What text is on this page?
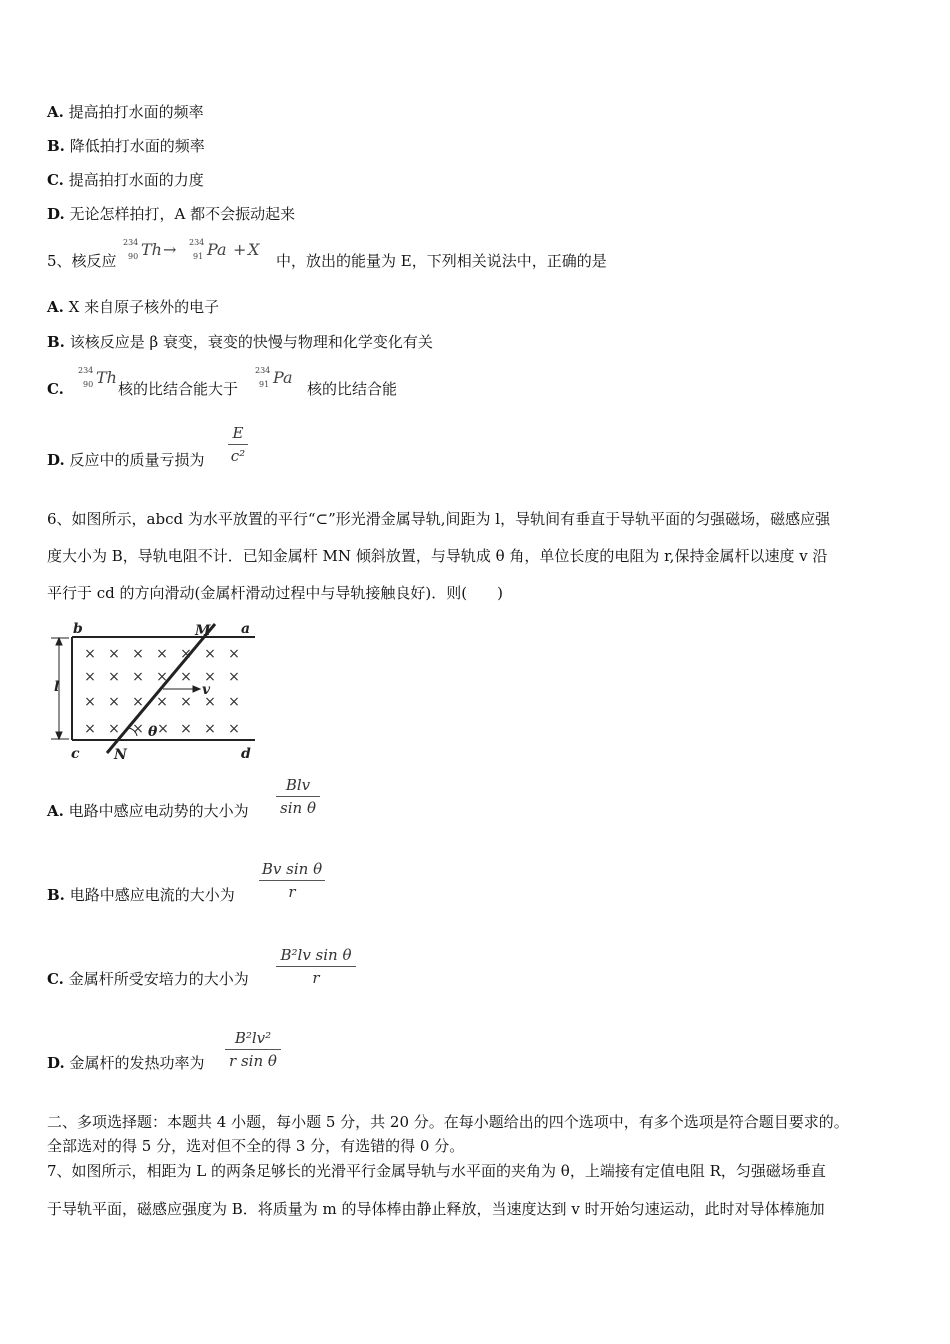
A. 提高拍打水面的频率
B. 降低拍打水面的频率
C. 提高拍打水面的力度
D. 无论怎样拍打，A 都不会振动起来
5、核反应
234
90 Th → 234
91 Pa + X
中，放出的能量为 E，下列相关说法中，正确的是
A. X 来自原子核外的电子
B. 该核反应是 β 衰变，衰变的快慢与物理和化学变化有关
C.
234
90 Th
核的比结合能大于
234
91 Pa
核的比结合能
D. 反应中的质量亏损为
E
c²
6、如图所示，abcd 为水平放置的平行“⊂”形光滑金属导轨,间距为 l，导轨间有垂直于导轨平面的匀强磁场，磁感应强
度大小为 B，导轨电阻不计．已知金属杆 MN 倾斜放置，与导轨成 θ 角，单位长度的电阻为 r,保持金属杆以速度 v 沿
平行于 cd 的方向滑动(金属杆滑动过程中与导轨接触良好)．则(　　)
× × × × × × ×
× × × × × × ×
× × × × × × ×
× ×	× × ×
× ×
b	a
M
c	d
N
l	v
θ
A. 电路中感应电动势的大小为
Blv
sin θ
B. 电路中感应电流的大小为
Bv sin θ
r
C. 金属杆所受安培力的大小为
B²lv sin θ
r
D. 金属杆的发热功率为
B²lv²
r sin θ
二、多项选择题：本题共 4 小题，每小题 5 分，共 20 分。在每小题给出的四个选项中，有多个选项是符合题目要求的。
全部选对的得 5 分，选对但不全的得 3 分，有选错的得 0 分。
7、如图所示，相距为 L 的两条足够长的光滑平行金属导轨与水平面的夹角为 θ，上端接有定值电阻 R，匀强磁场垂直
于导轨平面，磁感应强度为 B．将质量为 m 的导体棒由静止释放，当速度达到 v 时开始匀速运动，此时对导体棒施加
